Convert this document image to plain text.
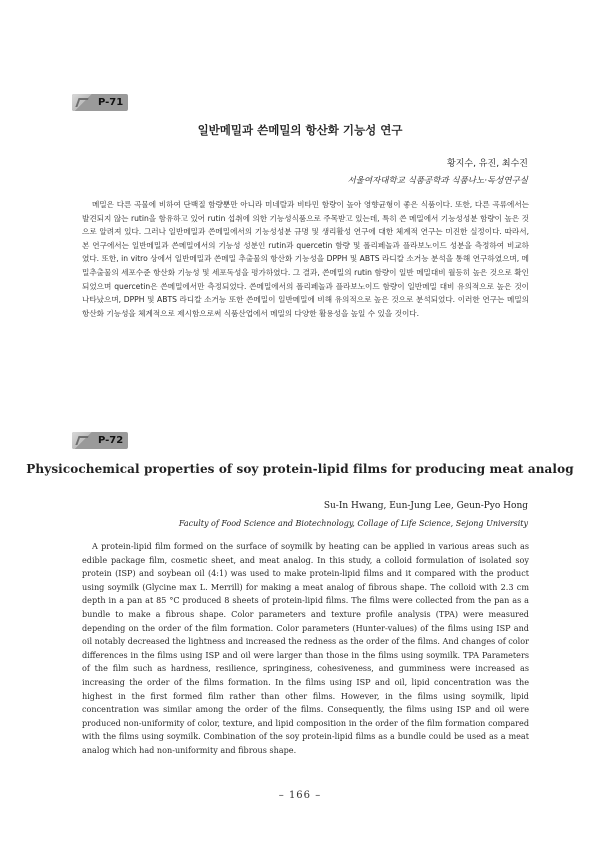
P-71
일반메밀과 쓴메밀의 항산화 기능성 연구
황지수, 유진, 최수진
서울여자대학교 식품공학과 식품나노·독성연구실

메밀은 다른 곡물에 비하여 단백질 함량뿐만 아니라 미네랄과 비타민 함량이 높아 영향균형이 좋은 식품이다. 또한, 다른 곡류에서는 발견되지 않는 rutin을 함유하고 있어 rutin 섭취에 의한 기능성식품으로 주목받고 있는데, 특히 쓴 메밀에서 기능성성분 함량이 높은 것으로 알려져 있다. 그러나 일반메밀과 쓴메밀에서의 기능성성분 규명 및 생리활성 연구에 대한 체계적 연구는 미진한 실정이다. 따라서, 본 연구에서는 일반메밀과 쓴메밀에서의 기능성 성분인 rutin과 quercetin 함량 및 폴리페놀과 플라보노이드 성분을 측정하여 비교하였다. 또한, in vitro 상에서 일반메밀과 쓴메밀 추출물의 항산화 기능성을 DPPH 및 ABTS 라디칼 소거능 분석을 통해 연구하였으며, 메밀추출물의 세포수준 항산화 기능성 및 세포독성을 평가하였다. 그 결과, 쓴메밀의 rutin 함량이 일반 메밀대비 월등히 높은 것으로 확인되었으며 quercetin은 쓴메밀에서만 측정되었다. 쓴메밀에서의 폴리페놀과 플라보노이드 함량이 일반메밀 대비 유의적으로 높은 것이 나타났으며, DPPH 및 ABTS 라디칼 소거능 또한 쓴메밀이 일반메밀에 비해 유의적으로 높은 것으로 분석되었다. 이러한 연구는 메밀의 항산화 기능성을 체계적으로 제시함으로써 식품산업에서 메밀의 다양한 활용성을 높일 수 있을 것이다.

P-72
Physicochemical properties of soy protein-lipid films for producing meat analog
Su-In Hwang, Eun-Jung Lee, Geun-Pyo Hong
Faculty of Food Science and Biotechnology, Collage of Life Science, Sejong University

A protein-lipid film formed on the surface of soymilk by heating can be applied in various areas such as edible package film, cosmetic sheet, and meat analog. In this study, a colloid formulation of isolated soy protein (ISP) and soybean oil (4:1) was used to make protein-lipid films and it compared with the product using soymilk (Glycine max L. Merrill) for making a meat analog of fibrous shape. The colloid with 2.3 cm depth in a pan at 85 °C produced 8 sheets of protein-lipid films. The films were collected from the pan as a bundle to make a fibrous shape. Color parameters and texture profile analysis (TPA) were measured depending on the order of the film formation. Color parameters (Hunter-values) of the films using ISP and oil notably decreased the lightness and increased the redness as the order of the films. And changes of color differences in the films using ISP and oil were larger than those in the films using soymilk. TPA Parameters of the film such as hardness, resilience, springiness, cohesiveness, and gumminess were increased as increasing the order of the films formation. In the films using ISP and oil, lipid concentration was the highest in the first formed film rather than other films. However, in the films using soymilk, lipid concentration was similar among the order of the films. Consequently, the films using ISP and oil were produced non-uniformity of color, texture, and lipid composition in the order of the film formation compared with the films using soymilk. Combination of the soy protein-lipid films as a bundle could be used as a meat analog which had non-uniformity and fibrous shape.

– 166 –
